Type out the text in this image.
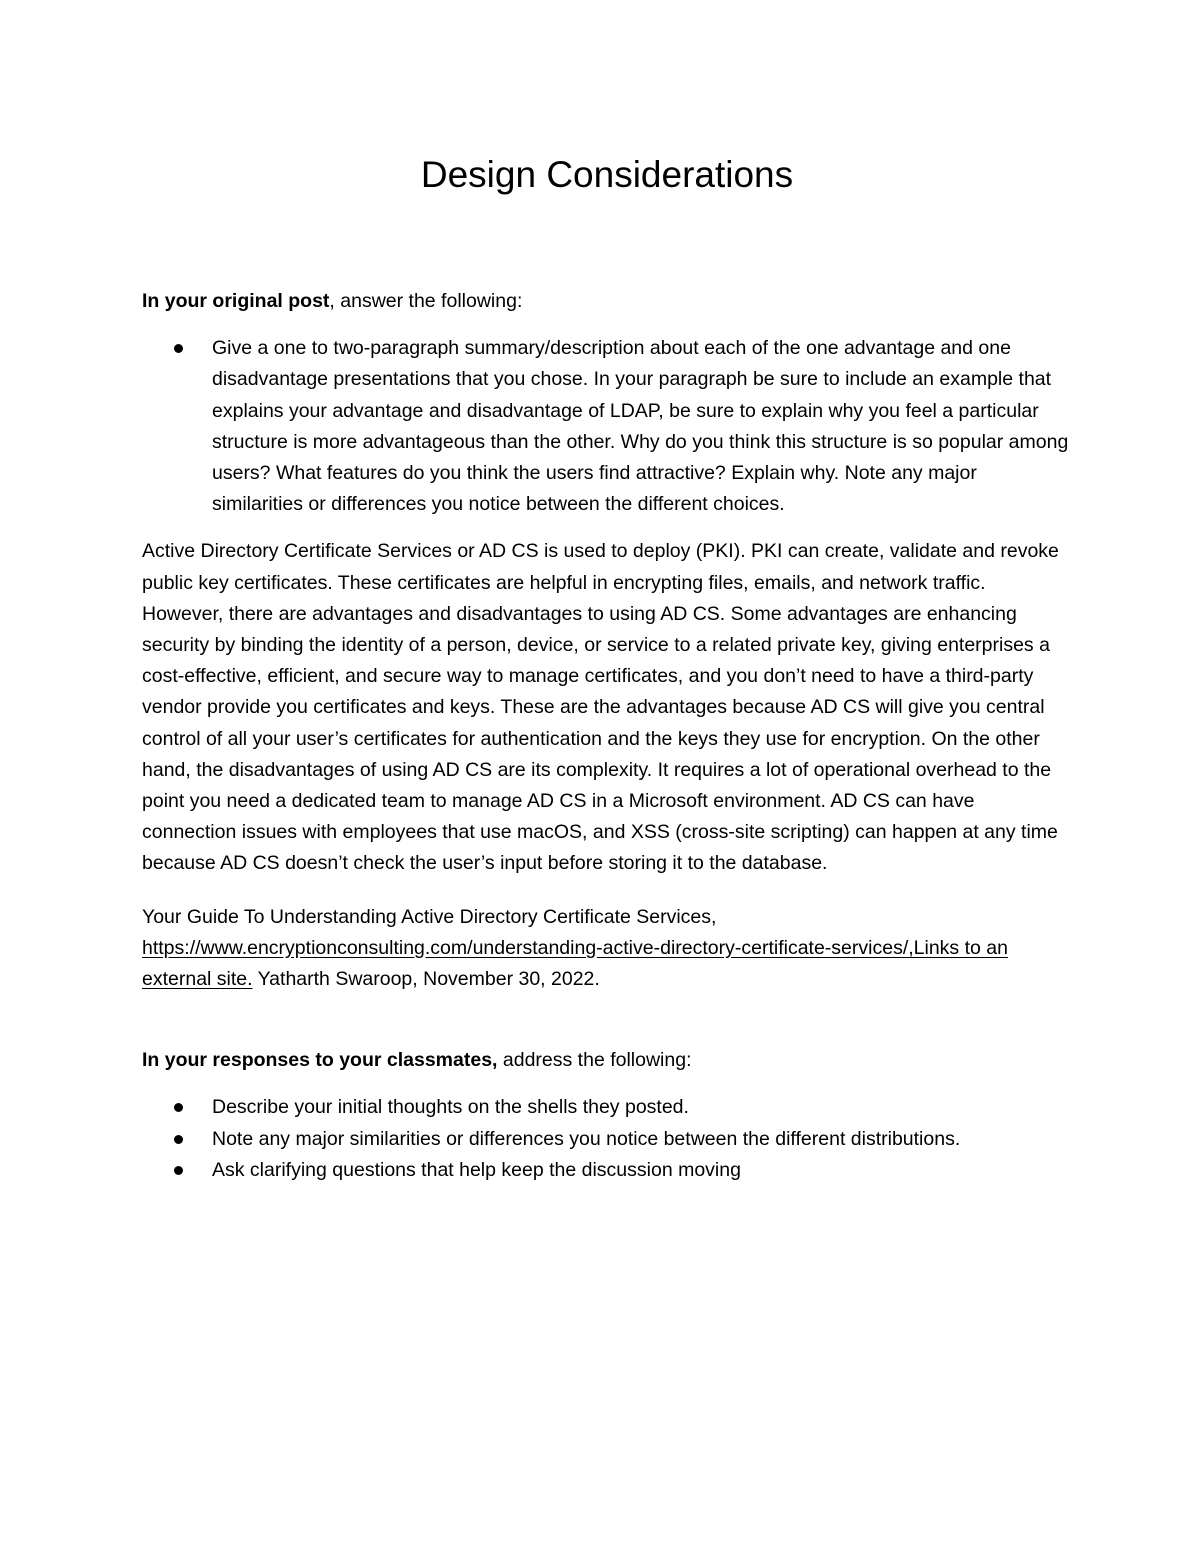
Design Considerations

In your original post, answer the following:

Give a one to two-paragraph summary/description about each of the one advantage and one disadvantage presentations that you chose. In your paragraph be sure to include an example that explains your advantage and disadvantage of LDAP, be sure to explain why you feel a particular structure is more advantageous than the other. Why do you think this structure is so popular among users? What features do you think the users find attractive? Explain why. Note any major similarities or differences you notice between the different choices.

Active Directory Certificate Services or AD CS is used to deploy (PKI). PKI can create, validate and revoke public key certificates. These certificates are helpful in encrypting files, emails, and network traffic. However, there are advantages and disadvantages to using AD CS. Some advantages are enhancing security by binding the identity of a person, device, or service to a related private key, giving enterprises a cost-effective, efficient, and secure way to manage certificates, and you don’t need to have a third-party vendor provide you certificates and keys. These are the advantages because AD CS will give you central control of all your user’s certificates for authentication and the keys they use for encryption. On the other hand, the disadvantages of using AD CS are its complexity. It requires a lot of operational overhead to the point you need a dedicated team to manage AD CS in a Microsoft environment. AD CS can have connection issues with employees that use macOS, and XSS (cross-site scripting) can happen at any time because AD CS doesn’t check the user’s input before storing it to the database.

Your Guide To Understanding Active Directory Certificate Services,
https://www.encryptionconsulting.com/understanding-active-directory-certificate-services/,Links to an external site. Yatharth Swaroop, November 30, 2022.

In your responses to your classmates, address the following:

Describe your initial thoughts on the shells they posted.
Note any major similarities or differences you notice between the different distributions.
Ask clarifying questions that help keep the discussion moving
